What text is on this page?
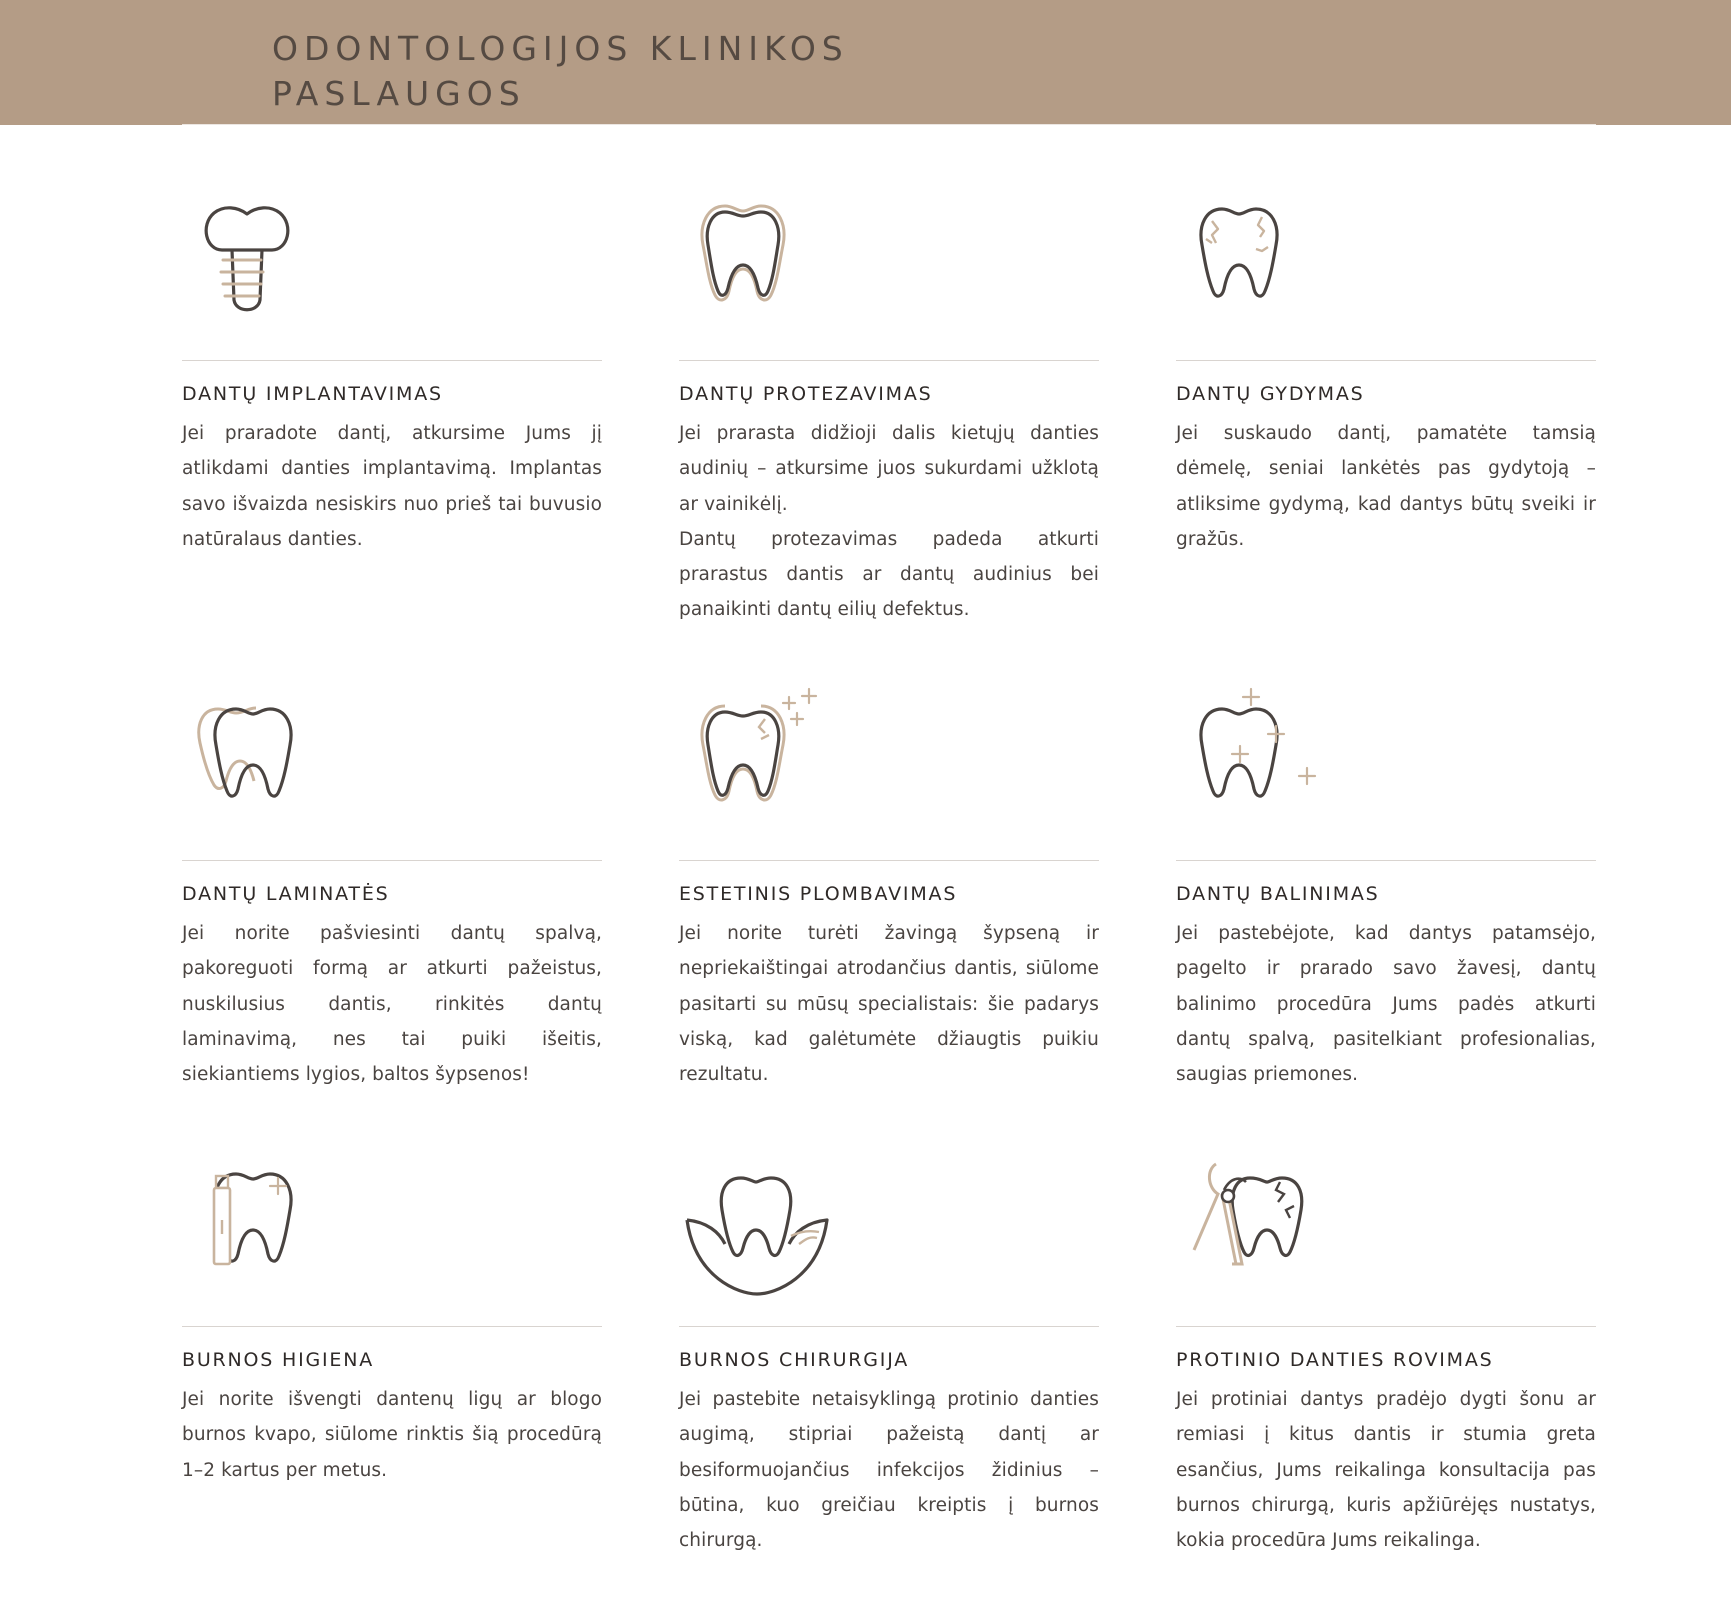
ODONTOLOGIJOS KLINIKOS
PASLAUGOS
DANTŲ IMPLANTAVIMAS

Jei praradote dantį, atkursime Jums jį atlikdami danties implantavimą. Implantas savo išvaizda nesiskirs nuo prieš tai buvusio natūralaus danties.

DANTŲ PROTEZAVIMAS

Jei prarasta didžioji dalis kietųjų danties audinių – atkursime juos sukurdami užklotą ar vainikėlį.
Dantų protezavimas padeda atkurti prarastus dantis ar dantų audinius bei panaikinti dantų eilių defektus.

DANTŲ GYDYMAS

Jei suskaudo dantį, pamatėte tamsią dėmelę, seniai lankėtės pas gydytoją – atliksime gydymą, kad dantys būtų sveiki ir gražūs.

DANTŲ LAMINATĖS

Jei norite pašviesinti dantų spalvą, pakoreguoti formą ar atkurti pažeistus, nuskilusius dantis, rinkitės dantų laminavimą, nes tai puiki išeitis, siekiantiems lygios, baltos šypsenos!

ESTETINIS PLOMBAVIMAS

Jei norite turėti žavingą šypseną ir nepriekaištingai atrodančius dantis, siūlome pasitarti su mūsų specialistais: šie padarys viską, kad galėtumėte džiaugtis puikiu rezultatu.

DANTŲ BALINIMAS

Jei pastebėjote, kad dantys patamsėjo, pagelto ir prarado savo žavesį, dantų balinimo procedūra Jums padės atkurti dantų spalvą, pasitelkiant profesionalias, saugias priemones.

BURNOS HIGIENA

Jei norite išvengti dantenų ligų ar blogo burnos kvapo, siūlome rinktis šią procedūrą 1–2 kartus per metus.

BURNOS CHIRURGIJA

Jei pastebite netaisyklingą protinio danties augimą, stipriai pažeistą dantį ar besiformuojančius infekcijos židinius – būtina, kuo greičiau kreiptis į burnos chirurgą.

PROTINIO DANTIES ROVIMAS

Jei protiniai dantys pradėjo dygti šonu ar remiasi į kitus dantis ir stumia greta esančius, Jums reikalinga konsultacija pas burnos chirurgą, kuris apžiūrėjęs nustatys, kokia procedūra Jums reikalinga.
